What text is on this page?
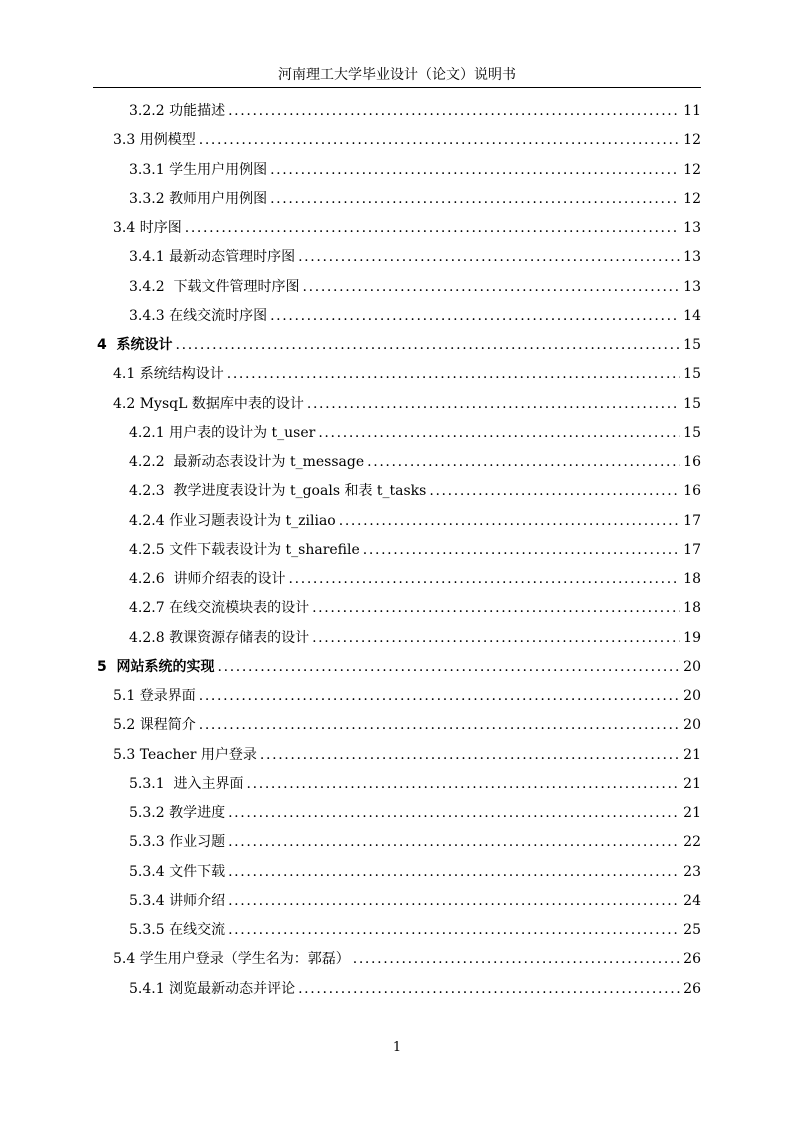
河南理工大学毕业设计（论文）说明书
3.2.2 功能描述 . . .	11
3.3 用例模型 . . .	12
3.3.1 学生用户用例图 . . .	12
3.3.2 教师用户用例图 . . .	12
3.4 时序图 . . .	13
3.4.1 最新动态管理时序图 . . .	13
3.4.2  下载文件管理时序图 . . .	13
3.4.3 在线交流时序图 . . .	14
4  系统设计 . . .	15
4.1 系统结构设计 . . .	15
4.2 MysqL 数据库中表的设计 . . .	15
4.2.1 用户表的设计为 t_user . . .	15
4.2.2  最新动态表设计为 t_message . . .	16
4.2.3  教学进度表设计为 t_goals 和表 t_tasks . . .	16
4.2.4 作业习题表设计为 t_ziliao . . .	17
4.2.5 文件下载表设计为 t_sharefile . . .	17
4.2.6  讲师介绍表的设计 . . .	18
4.2.7 在线交流模块表的设计 . . .	18
4.2.8 教课资源存储表的设计 . . .	19
5  网站系统的实现 . . .	20
5.1 登录界面 . . .	20
5.2 课程简介 . . .	20
5.3 Teacher 用户登录 . . .	21
5.3.1  进入主界面 . . .	21
5.3.2 教学进度 . . .	21
5.3.3 作业习题 . . .	22
5.3.4 文件下载 . . .	23
5.3.4 讲师介绍 . . .	24
5.3.5 在线交流 . . .	25
5.4 学生用户登录（学生名为：郭磊） . . .	26
5.4.1 浏览最新动态并评论 . . .	26
1
